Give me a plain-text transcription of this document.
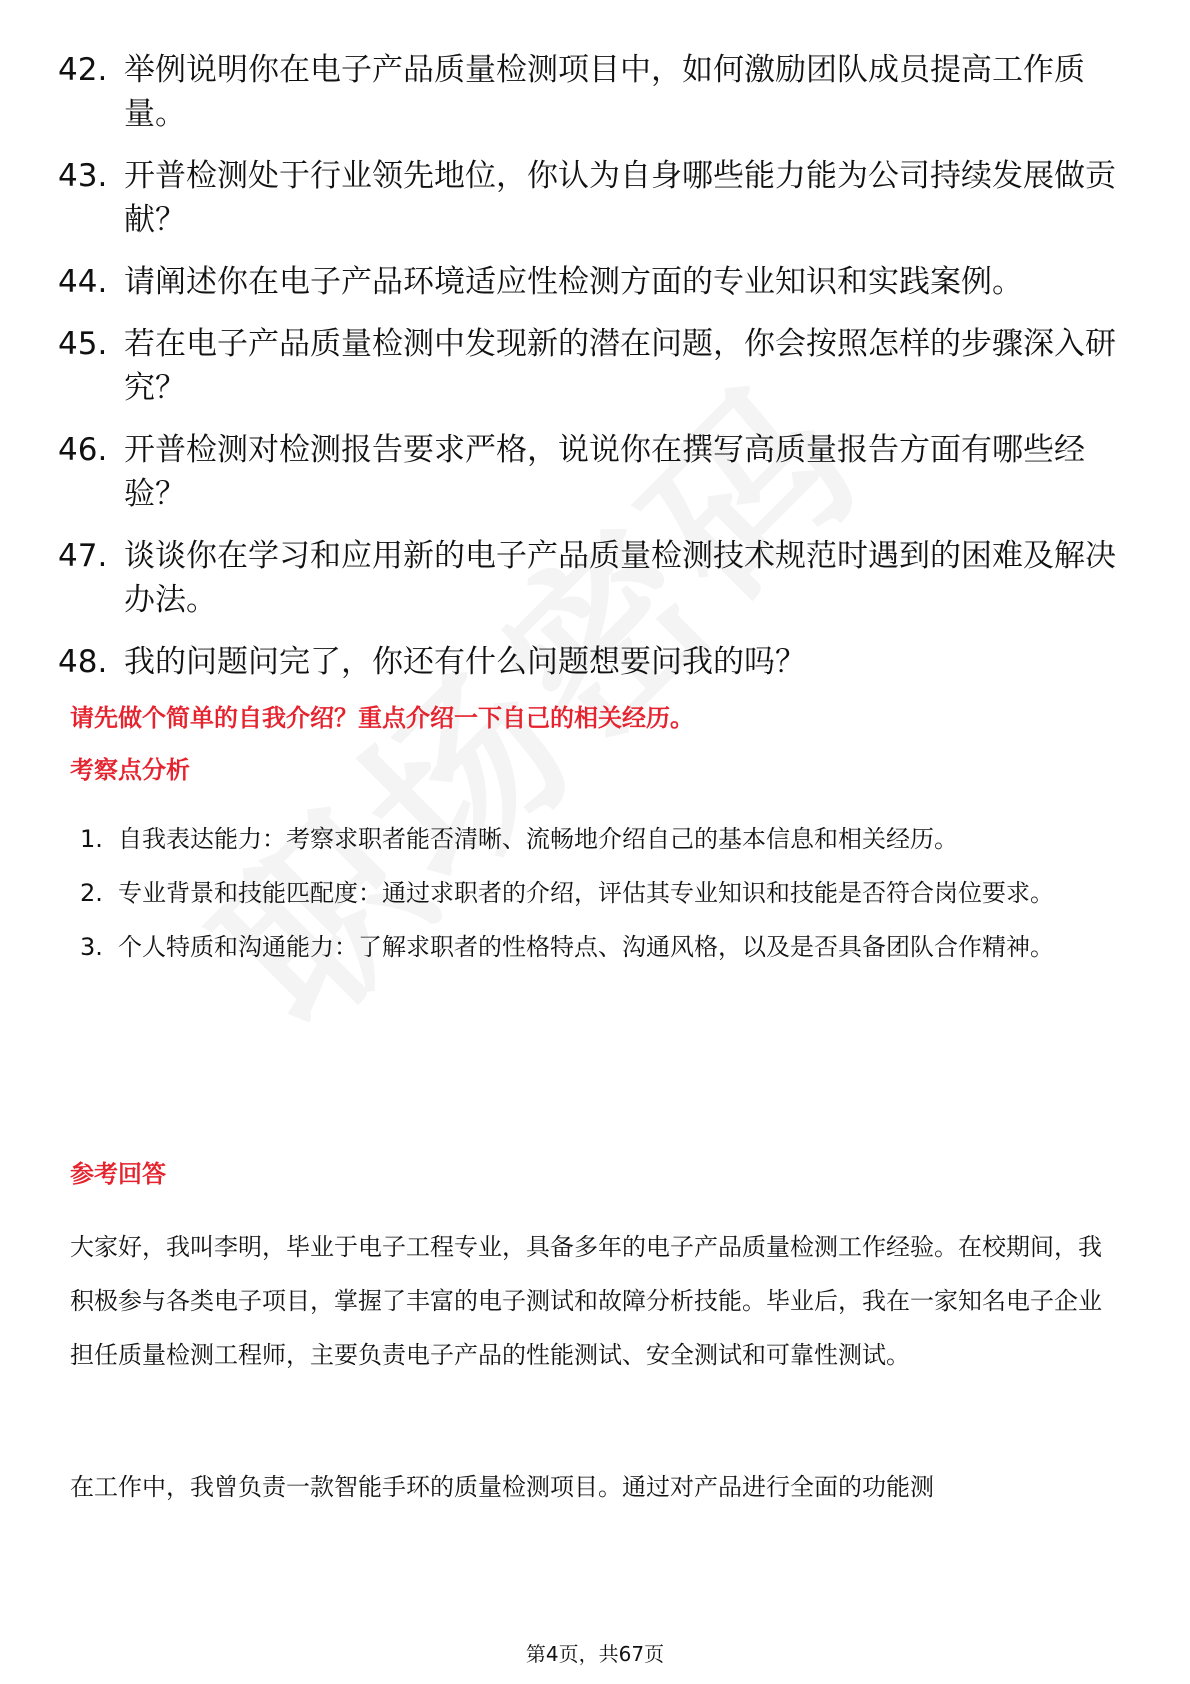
42. 举例说明你在电子产品质量检测项目中，如何激励团队成员提高工作质量。
43. 开普检测处于行业领先地位，你认为自身哪些能力能为公司持续发展做贡献？
44. 请阐述你在电子产品环境适应性检测方面的专业知识和实践案例。
45. 若在电子产品质量检测中发现新的潜在问题，你会按照怎样的步骤深入研究？
46. 开普检测对检测报告要求严格，说说你在撰写高质量报告方面有哪些经验？
47. 谈谈你在学习和应用新的电子产品质量检测技术规范时遇到的困难及解决办法。
48. 我的问题问完了，你还有什么问题想要问我的吗？
请先做个简单的自我介绍？重点介绍一下自己的相关经历。
考察点分析
1. 自我表达能力：考察求职者能否清晰、流畅地介绍自己的基本信息和相关经历。
2. 专业背景和技能匹配度：通过求职者的介绍，评估其专业知识和技能是否符合岗位要求。
3. 个人特质和沟通能力：了解求职者的性格特点、沟通风格，以及是否具备团队合作精神。
参考回答

大家好，我叫李明，毕业于电子工程专业，具备多年的电子产品质量检测工作经验。在校期间，我积极参与各类电子项目，掌握了丰富的电子测试和故障分析技能。毕业后，我在一家知名电子企业担任质量检测工程师，主要负责电子产品的性能测试、安全测试和可靠性测试。

在工作中，我曾负责一款智能手环的质量检测项目。通过对产品进行全面的功能测

第4页，共67页
